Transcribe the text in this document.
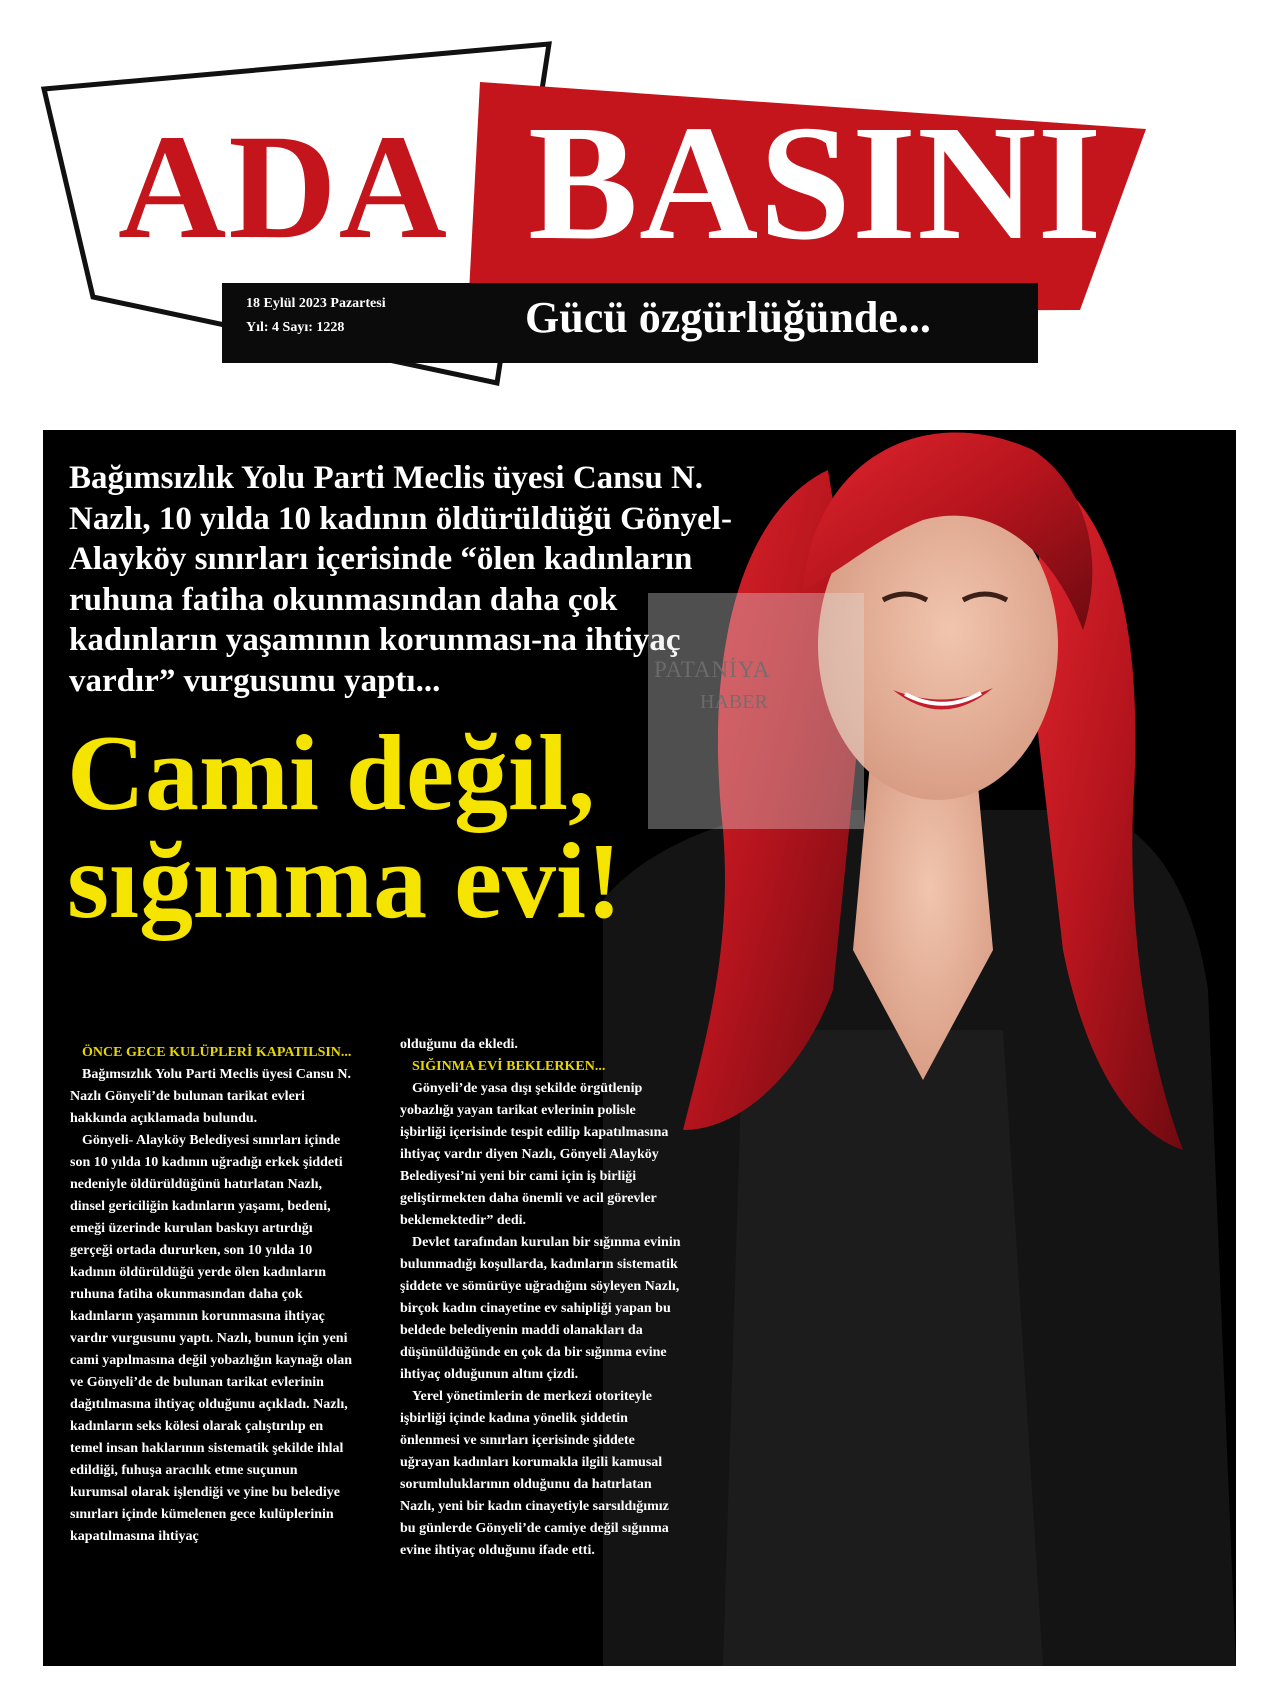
ADA BASINI
18 Eylül 2023 Pazartesi
Yıl: 4 Sayı: 1228	Gücü özgürlüğünde...
Bağımsızlık Yolu Parti Meclis üyesi Cansu N. Nazlı, 10 yılda 10 kadının öldürüldüğü Gönyel-Alayköy sınırları içerisinde “ölen kadınların ruhuna fatiha okunmasından daha çok kadınların yaşamının korunması-na ihtiyaç vardır” vurgusunu yaptı...
Cami değil,
sığınma evi!
ÖNCE GECE KULÜPLERİ KAPATILSIN...

Bağımsızlık Yolu Parti Meclis üyesi Cansu N. Nazlı Gönyeli’de bulunan tarikat evleri hakkında açıklamada bulundu.

Gönyeli- Alayköy Belediyesi sınırları içinde son 10 yılda 10 kadının uğradığı erkek şiddeti nedeniyle öldürüldüğünü hatırlatan Nazlı, dinsel gericiliğin kadınların yaşamı, bedeni, emeği üzerinde kurulan baskıyı artırdığı gerçeği ortada dururken, son 10 yılda 10 kadının öldürüldüğü yerde ölen kadınların ruhuna fatiha okunmasından daha çok kadınların yaşamının korunmasına ihtiyaç vardır vurgusunu yaptı. Nazlı, bunun için yeni cami yapılmasına değil yobazlığın kaynağı olan ve Gönyeli’de de bulunan tarikat evlerinin dağıtılmasına ihtiyaç olduğunu açıkladı. Nazlı, kadınların seks kölesi olarak çalıştırılıp en temel insan haklarının sistematik şekilde ihlal edildiği, fuhuşa aracılık etme suçunun kurumsal olarak işlendiği ve yine bu belediye sınırları içinde kümelenen gece kulüplerinin kapatılmasına ihtiyaç

olduğunu da ekledi.

SIĞINMA EVİ BEKLERKEN...

Gönyeli’de yasa dışı şekilde örgütlenip yobazlığı yayan tarikat evlerinin polisle işbirliği içerisinde tespit edilip kapatılmasına ihtiyaç vardır diyen Nazlı, Gönyeli Alayköy Belediyesi’ni yeni bir cami için iş birliği geliştirmekten daha önemli ve acil görevler beklemektedir” dedi.

Devlet tarafından kurulan bir sığınma evinin bulunmadığı koşullarda, kadınların sistematik şiddete ve sömürüye uğradığını söyleyen Nazlı, birçok kadın cinayetine ev sahipliği yapan bu beldede belediyenin maddi olanakları da düşünüldüğünde en çok da bir sığınma evine ihtiyaç olduğunun altını çizdi.

Yerel yönetimlerin de merkezi otoriteyle işbirliği içinde kadına yönelik şiddetin önlenmesi ve sınırları içerisinde şiddete uğrayan kadınları korumakla ilgili kamusal sorumluluklarının olduğunu da hatırlatan Nazlı, yeni bir kadın cinayetiyle sarsıldığımız bu günlerde Gönyeli’de camiye değil sığınma evine ihtiyaç olduğunu ifade etti.

PATANİYA
HABER
